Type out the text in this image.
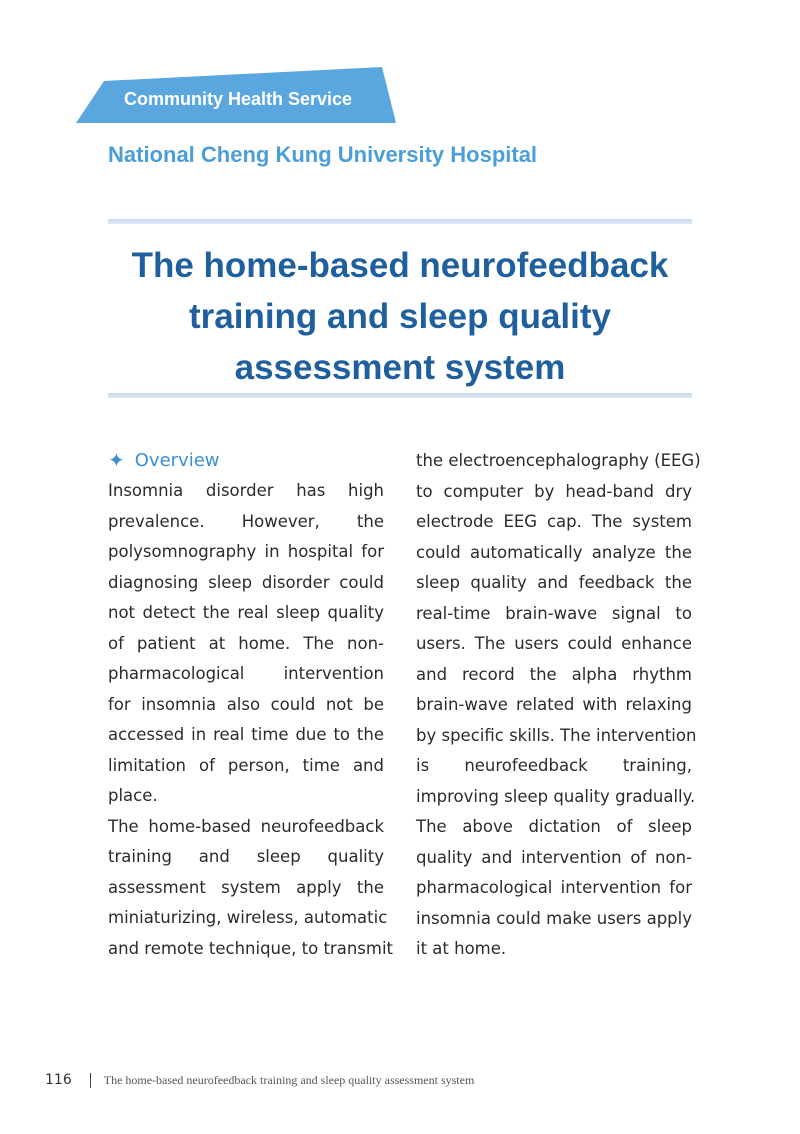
Community Health Service
National Cheng Kung University Hospital
The home-based neurofeedback
training and sleep quality
assessment system
✦ Overview
Insomnia disorder has high
prevalence. However, the
polysomnography in hospital for
diagnosing sleep disorder could
not detect the real sleep quality
of patient at home. The non-
pharmacological intervention
for insomnia also could not be
accessed in real time due to the
limitation of person, time and
place.
The home-based neurofeedback
training and sleep quality
assessment system apply the
miniaturizing, wireless, automatic
and remote technique, to transmit
the electroencephalography (EEG)
to computer by head-band dry
electrode EEG cap. The system
could automatically analyze the
sleep quality and feedback the
real-time brain-wave signal to
users. The users could enhance
and record the alpha rhythm
brain-wave related with relaxing
by specific skills. The intervention
is neurofeedback training,
improving sleep quality gradually.
The above dictation of sleep
quality and intervention of non-
pharmacological intervention for
insomnia could make users apply
it at home.
116	The home-based neurofeedback training and sleep quality assessment system
